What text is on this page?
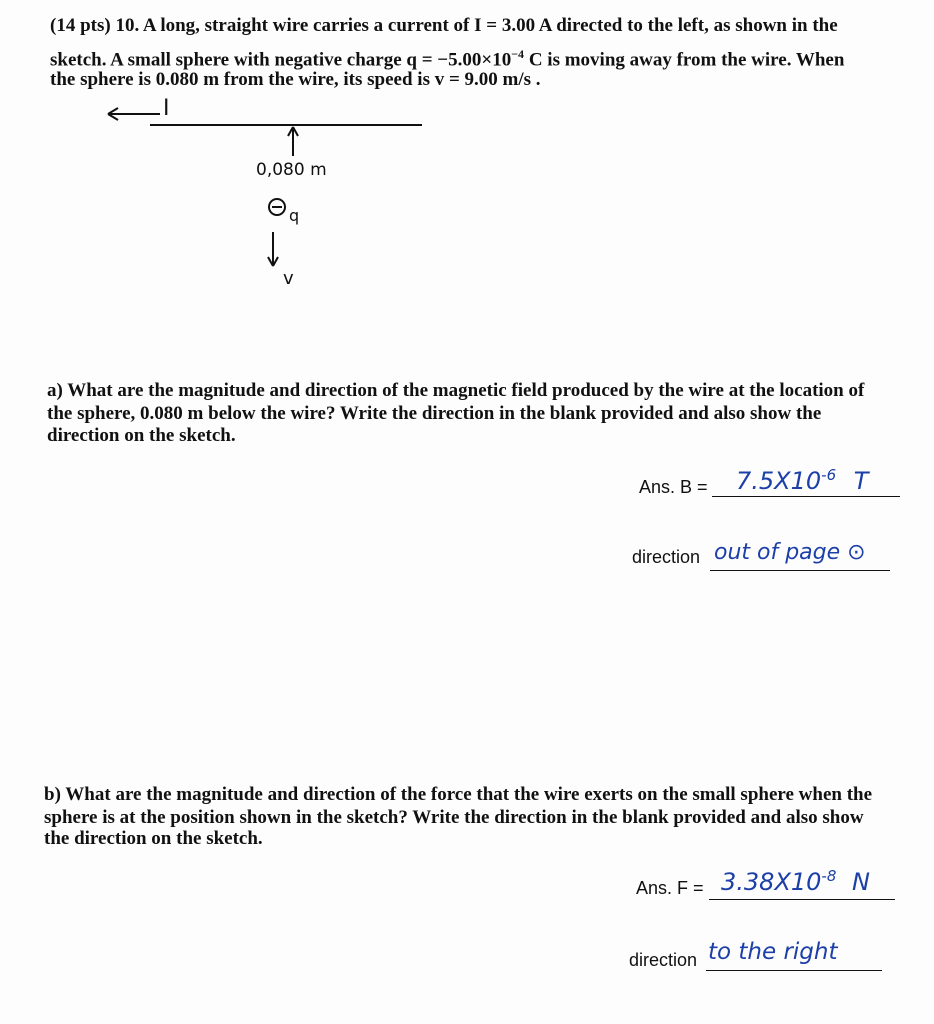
(14 pts) 10. A long, straight wire carries a current of I = 3.00 A directed to the left, as shown in the
sketch. A small sphere with negative charge $q = -5.00\times 10^{-4}$ C is moving away from the wire. When
the sphere is 0.080 m from the wire, its speed is v = 9.00 m/s .
I
0,080 m
q
v
a) What are the magnitude and direction of the magnetic field produced by the wire at the location of
the sphere, 0.080 m below the wire? Write the direction in the blank provided and also show the
direction on the sketch.
Ans. $B = 7.5X10^{-6}$ T
direction out of page ⊙
b) What are the magnitude and direction of the force that the wire exerts on the small sphere when the
sphere is at the position shown in the sketch? Write the direction in the blank provided and also show
the direction on the sketch.
Ans. $F = 3.38X10^{-8}$ N
direction to the right
